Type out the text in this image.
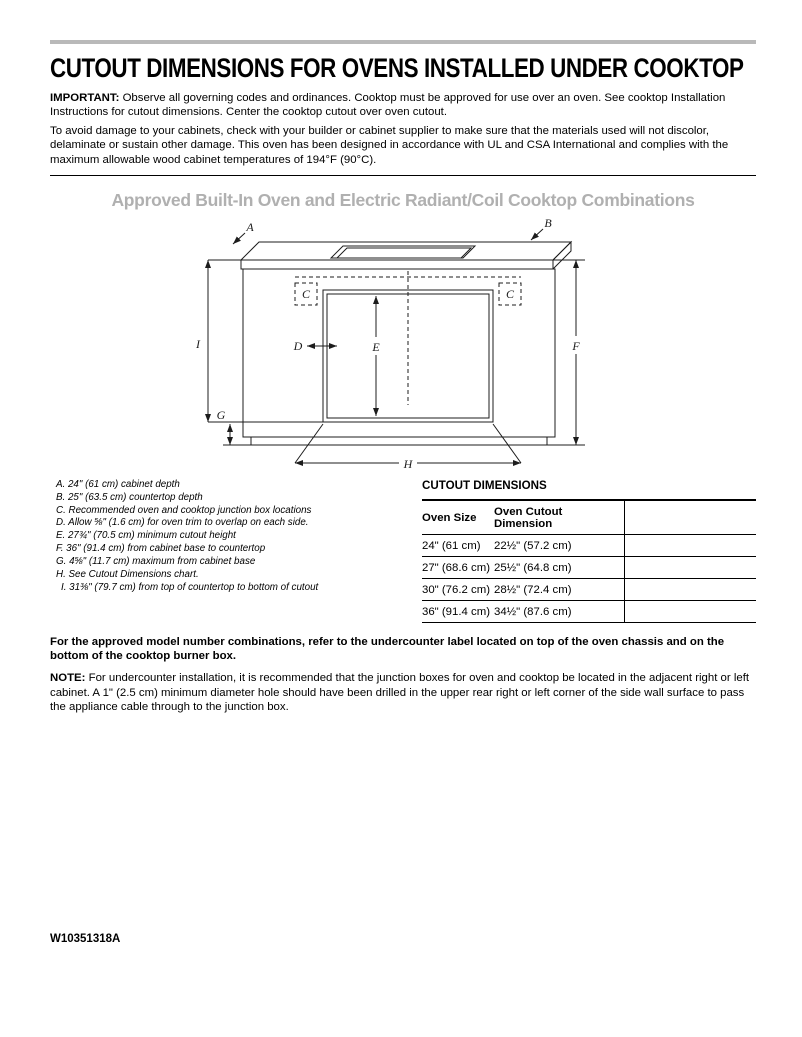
CUTOUT DIMENSIONS FOR OVENS INSTALLED UNDER COOKTOP

IMPORTANT: Observe all governing codes and ordinances. Cooktop must be approved for use over an oven. See cooktop Installation Instructions for cutout dimensions. Center the cooktop cutout over oven cutout.

To avoid damage to your cabinets, check with your builder or cabinet supplier to make sure that the materials used will not discolor, delaminate or sustain other damage. This oven has been designed in accordance with UL and CSA International and complies with the maximum allowable wood cabinet temperatures of 194°F (90°C).

Approved Built-In Oven and Electric Radiant/Coil Cooktop Combinations
A	B
C	C
D	E	F
G
H
I
A. 24" (61 cm) cabinet depth
B. 25" (63.5 cm) countertop depth
C. Recommended oven and cooktop junction box locations
D. Allow ⅝" (1.6 cm) for oven trim to overlap on each side.
E. 27¾" (70.5 cm) minimum cutout height
F. 36" (91.4 cm) from cabinet base to countertop
G. 4⅝" (11.7 cm) maximum from cabinet base
H. See Cutout Dimensions chart.
I. 31⅜" (79.7 cm) from top of countertop to bottom of cutout
CUTOUT DIMENSIONS
Oven Size	Oven Cutout Dimension	
24" (61 cm)	22½" (57.2 cm)	
27" (68.6 cm)	25½" (64.8 cm)	
30" (76.2 cm)	28½" (72.4 cm)	
36" (91.4 cm)	34½" (87.6 cm)	

For the approved model number combinations, refer to the undercounter label located on top of the oven chassis and on the bottom of the cooktop burner box.

NOTE: For undercounter installation, it is recommended that the junction boxes for oven and cooktop be located in the adjacent right or left cabinet. A 1" (2.5 cm) minimum diameter hole should have been drilled in the upper rear right or left corner of the side wall surface to pass the appliance cable through to the junction box.

W10351318A
